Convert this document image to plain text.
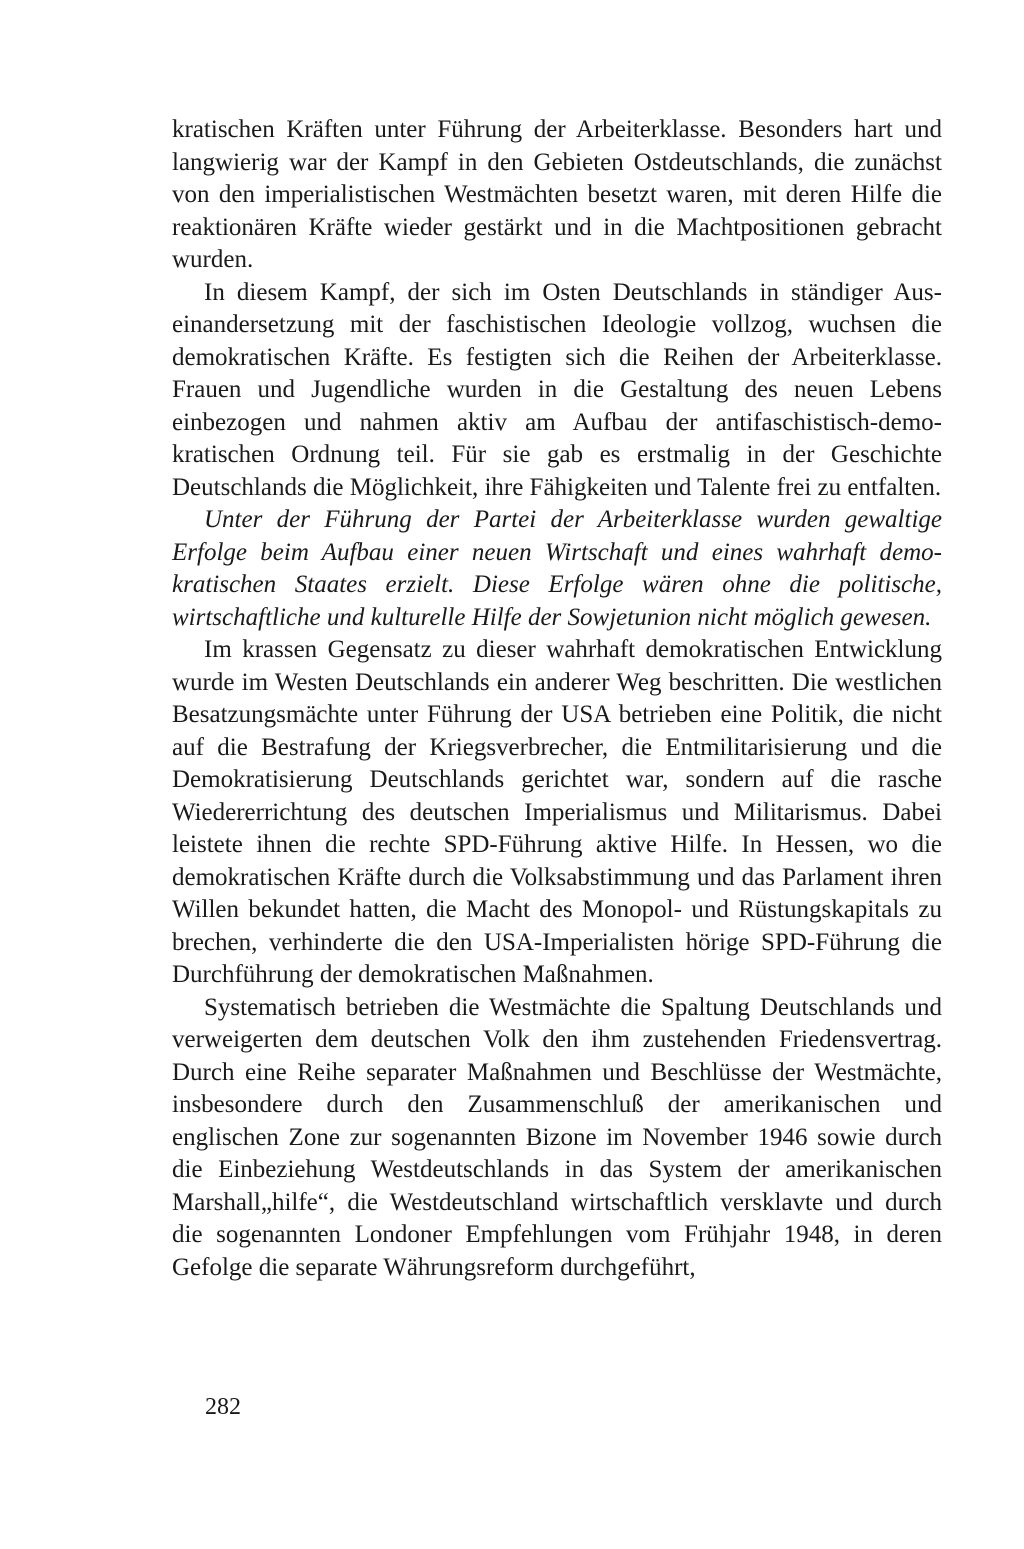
kratischen Kräften unter Führung der Arbeiterklasse. Besonders hart und langwierig war der Kampf in den Gebieten Ostdeutschlands, die zunächst von den imperialistischen Westmächten besetzt waren, mit deren Hilfe die reaktionären Kräfte wieder gestärkt und in die Machtpositionen gebracht wurden.

In diesem Kampf, der sich im Osten Deutschlands in ständiger Auseinandersetzung mit der faschistischen Ideologie vollzog, wuchsen die demokratischen Kräfte. Es festigten sich die Reihen der Arbeiterklasse. Frauen und Jugendliche wurden in die Gestaltung des neuen Lebens einbezogen und nahmen aktiv am Aufbau der antifaschistisch-demokratischen Ordnung teil. Für sie gab es erstmalig in der Geschichte Deutschlands die Möglichkeit, ihre Fähigkeiten und Talente frei zu entfalten.

Unter der Führung der Partei der Arbeiterklasse wurden gewaltige Erfolge beim Aufbau einer neuen Wirtschaft und eines wahrhaft demokratischen Staates erzielt. Diese Erfolge wären ohne die politische, wirtschaftliche und kulturelle Hilfe der Sowjetunion nicht möglich gewesen.

Im krassen Gegensatz zu dieser wahrhaft demokratischen Entwicklung wurde im Westen Deutschlands ein anderer Weg beschritten. Die westlichen Besatzungsmächte unter Führung der USA betrieben eine Politik, die nicht auf die Bestrafung der Kriegsverbrecher, die Entmilitarisierung und die Demokratisierung Deutschlands gerichtet war, sondern auf die rasche Wiedererrichtung des deutschen Imperialismus und Militarismus. Dabei leistete ihnen die rechte SPD-Führung aktive Hilfe. In Hessen, wo die demokratischen Kräfte durch die Volksabstimmung und das Parlament ihren Willen bekundet hatten, die Macht des Monopol- und Rüstungskapitals zu brechen, verhinderte die den USA-Imperialisten hörige SPD-Führung die Durchführung der demokratischen Maßnahmen.

Systematisch betrieben die Westmächte die Spaltung Deutschlands und verweigerten dem deutschen Volk den ihm zustehenden Friedensvertrag. Durch eine Reihe separater Maßnahmen und Beschlüsse der Westmächte, insbesondere durch den Zusammenschluß der amerikanischen und englischen Zone zur sogenannten Bizone im November 1946 sowie durch die Einbeziehung Westdeutschlands in das System der amerikanischen Marshall„hilfe“, die Westdeutschland wirtschaftlich versklavte und durch die sogenannten Londoner Empfehlungen vom Frühjahr 1948, in deren Gefolge die separate Währungsreform durchgeführt,

282
